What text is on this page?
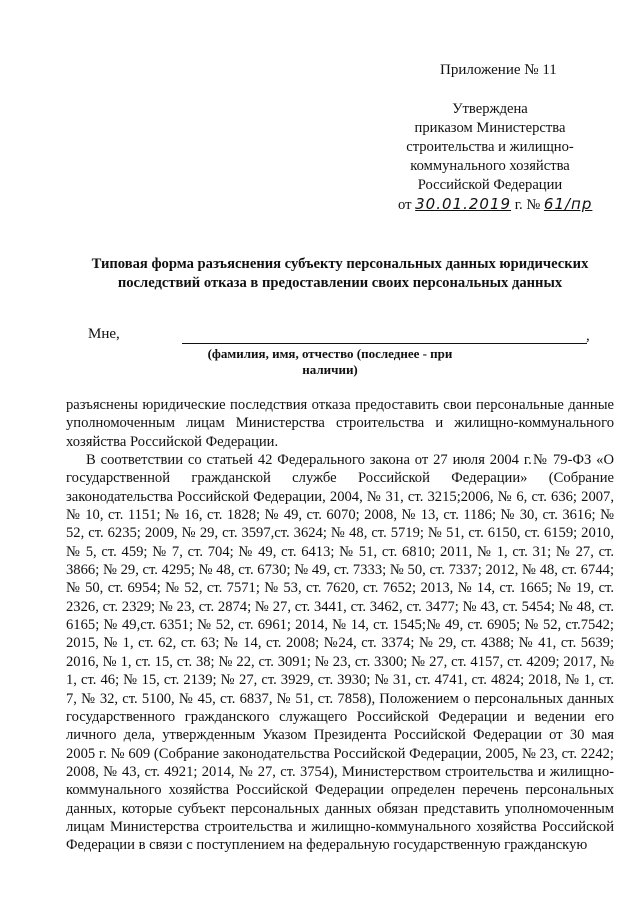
Приложение № 11
Утверждена
приказом Министерства
строительства и жилищно-
коммунального хозяйства
Российской Федерации
от 30.01.2019 г. № 61/пр
Типовая форма разъяснения субъекту персональных данных юридических
последствий отказа в предоставлении своих персональных данных
Мне,	,
(фамилия, имя, отчество (последнее - при наличии)

разъяснены юридические последствия отказа предоставить свои персональные данные уполномоченным лицам Министерства строительства и жилищно-коммунального хозяйства Российской Федерации.

В соответствии со статьей 42 Федерального закона от 27 июля 2004 г.№ 79-ФЗ «О государственной гражданской службе Российской Федерации» (Собрание законодательства Российской Федерации, 2004, № 31, ст. 3215;2006, № 6, ст. 636; 2007, № 10, ст. 1151; № 16, ст. 1828; № 49, ст. 6070; 2008, № 13, ст. 1186; № 30, ст. 3616; № 52, ст. 6235; 2009, № 29, ст. 3597,ст. 3624; № 48, ст. 5719; № 51, ст. 6150, ст. 6159; 2010, № 5, ст. 459; № 7, ст. 704; № 49, ст. 6413; № 51, ст. 6810; 2011, № 1, ст. 31; № 27, ст. 3866; № 29, ст. 4295; № 48, ст. 6730; № 49, ст. 7333; № 50, ст. 7337; 2012, № 48, ст. 6744; № 50, ст. 6954; № 52, ст. 7571; № 53, ст. 7620, ст. 7652; 2013, № 14, ст. 1665; № 19, ст. 2326, ст. 2329; № 23, ст. 2874; № 27, ст. 3441, ст. 3462, ст. 3477; № 43, ст. 5454; № 48, ст. 6165; № 49,ст. 6351; № 52, ст. 6961; 2014, № 14, ст. 1545;№ 49, ст. 6905; № 52, ст.7542; 2015, № 1, ст. 62, ст. 63; № 14, ст. 2008; №24, ст. 3374; № 29, ст. 4388; № 41, ст. 5639; 2016, № 1, ст. 15, ст. 38; № 22, ст. 3091; № 23, ст. 3300; № 27, ст. 4157, ст. 4209; 2017, № 1, ст. 46; № 15, ст. 2139; № 27, ст. 3929, ст. 3930; № 31, ст. 4741, ст. 4824; 2018, № 1, ст. 7, № 32, ст. 5100, № 45, ст. 6837, № 51, ст. 7858), Положением о персональных данных государственного гражданского служащего Российской Федерации и ведении его личного дела, утвержденным Указом Президента Российской Федерации от 30 мая 2005 г. № 609 (Собрание законодательства Российской Федерации, 2005, № 23, ст. 2242; 2008, № 43, ст. 4921; 2014, № 27, ст. 3754), Министерством строительства и жилищно-коммунального хозяйства Российской Федерации определен перечень персональных данных, которые субъект персональных данных обязан представить уполномоченным лицам Министерства строительства и жилищно-коммунального хозяйства Российской Федерации в связи с поступлением на федеральную государственную гражданскую
